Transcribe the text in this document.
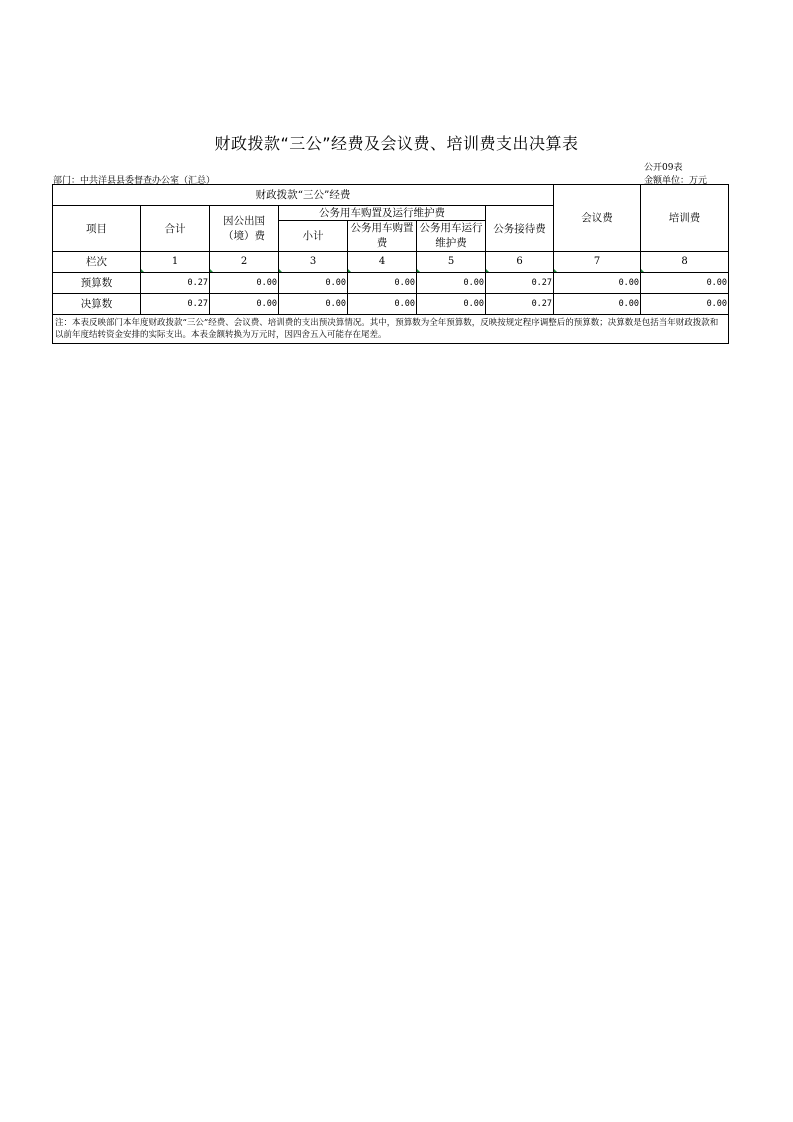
财政拨款“三公”经费及会议费、培训费支出决算表
公开09表
部门：中共洋县县委督查办公室（汇总）	金额单位：万元
财政拨款“三公”经费							会议费	培训费
项目	合计	因公出国（境）费	公务用车购置及运行维护费			公务接待费		
			小计	公务用车购置费	公务用车运行维护费			
栏次	1	2	3	4	5	6	7	8

预算数	0.27	0.00	0.00	0.00	0.00	0.27	0.00	0.00
决算数	0.27	0.00	0.00	0.00	0.00	0.27	0.00	0.00
注：本表反映部门本年度财政拨款“三公”经费、会议费、培训费的支出预决算情况。其中，预算数为全年预算数，反映按规定程序调整后的预算数；决算数是包括当年财政拨款和以前年度结转资金安排的实际支出。本表金额转换为万元时，因四舍五入可能存在尾差。								
